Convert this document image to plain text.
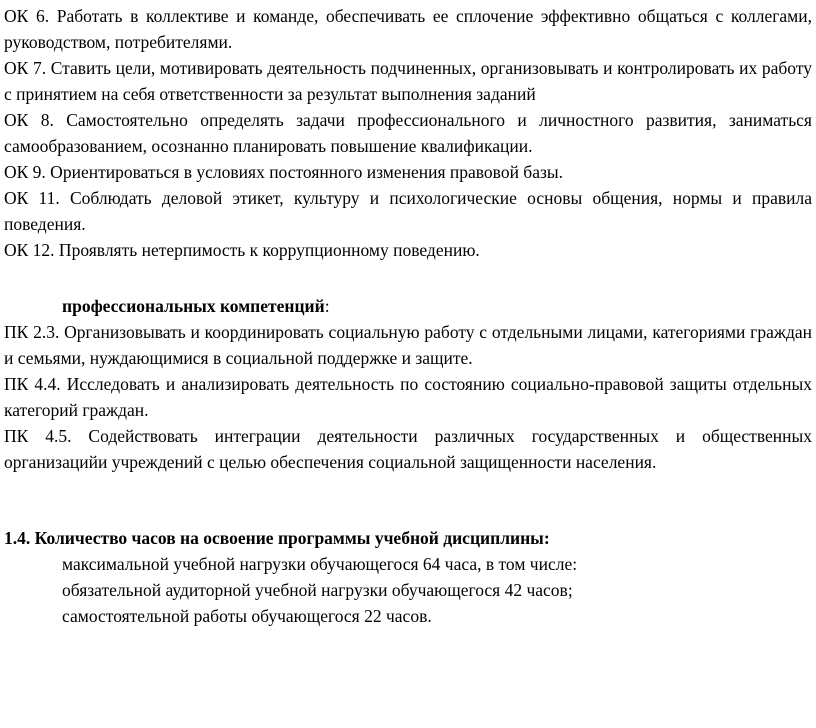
ОК 6. Работать в коллективе и команде, обеспечивать ее сплочение эффективно общаться с коллегами, руководством, потребителями.

ОК 7. Ставить цели, мотивировать деятельность подчиненных, организовывать и контролировать их работу с принятием на себя ответственности за результат выполнения заданий

ОК 8. Самостоятельно определять задачи профессионального и личностного развития, заниматься самообразованием, осознанно планировать повышение квалификации.

ОК 9. Ориентироваться в условиях постоянного изменения правовой базы.

ОК 11. Соблюдать деловой этикет, культуру и психологические основы общения, нормы и правила поведения.

ОК 12. Проявлять нетерпимость к коррупционному поведению.

профессиональных компетенций:

ПК 2.3. Организовывать и координировать социальную работу с отдельными лицами, категориями граждан и семьями, нуждающимися в социальной поддержке и защите.

ПК 4.4. Исследовать и анализировать деятельность по состоянию социально-правовой защиты отдельных категорий граждан.

ПК 4.5. Содействовать интеграции деятельности различных государственных и общественных организацийи учреждений с целью обеспечения социальной защищенности населения.

1.4. Количество часов на освоение программы учебной дисциплины:

максимальной учебной нагрузки обучающегося 64 часа, в том числе:

обязательной аудиторной учебной нагрузки обучающегося 42 часов;

самостоятельной работы обучающегося 22 часов.
